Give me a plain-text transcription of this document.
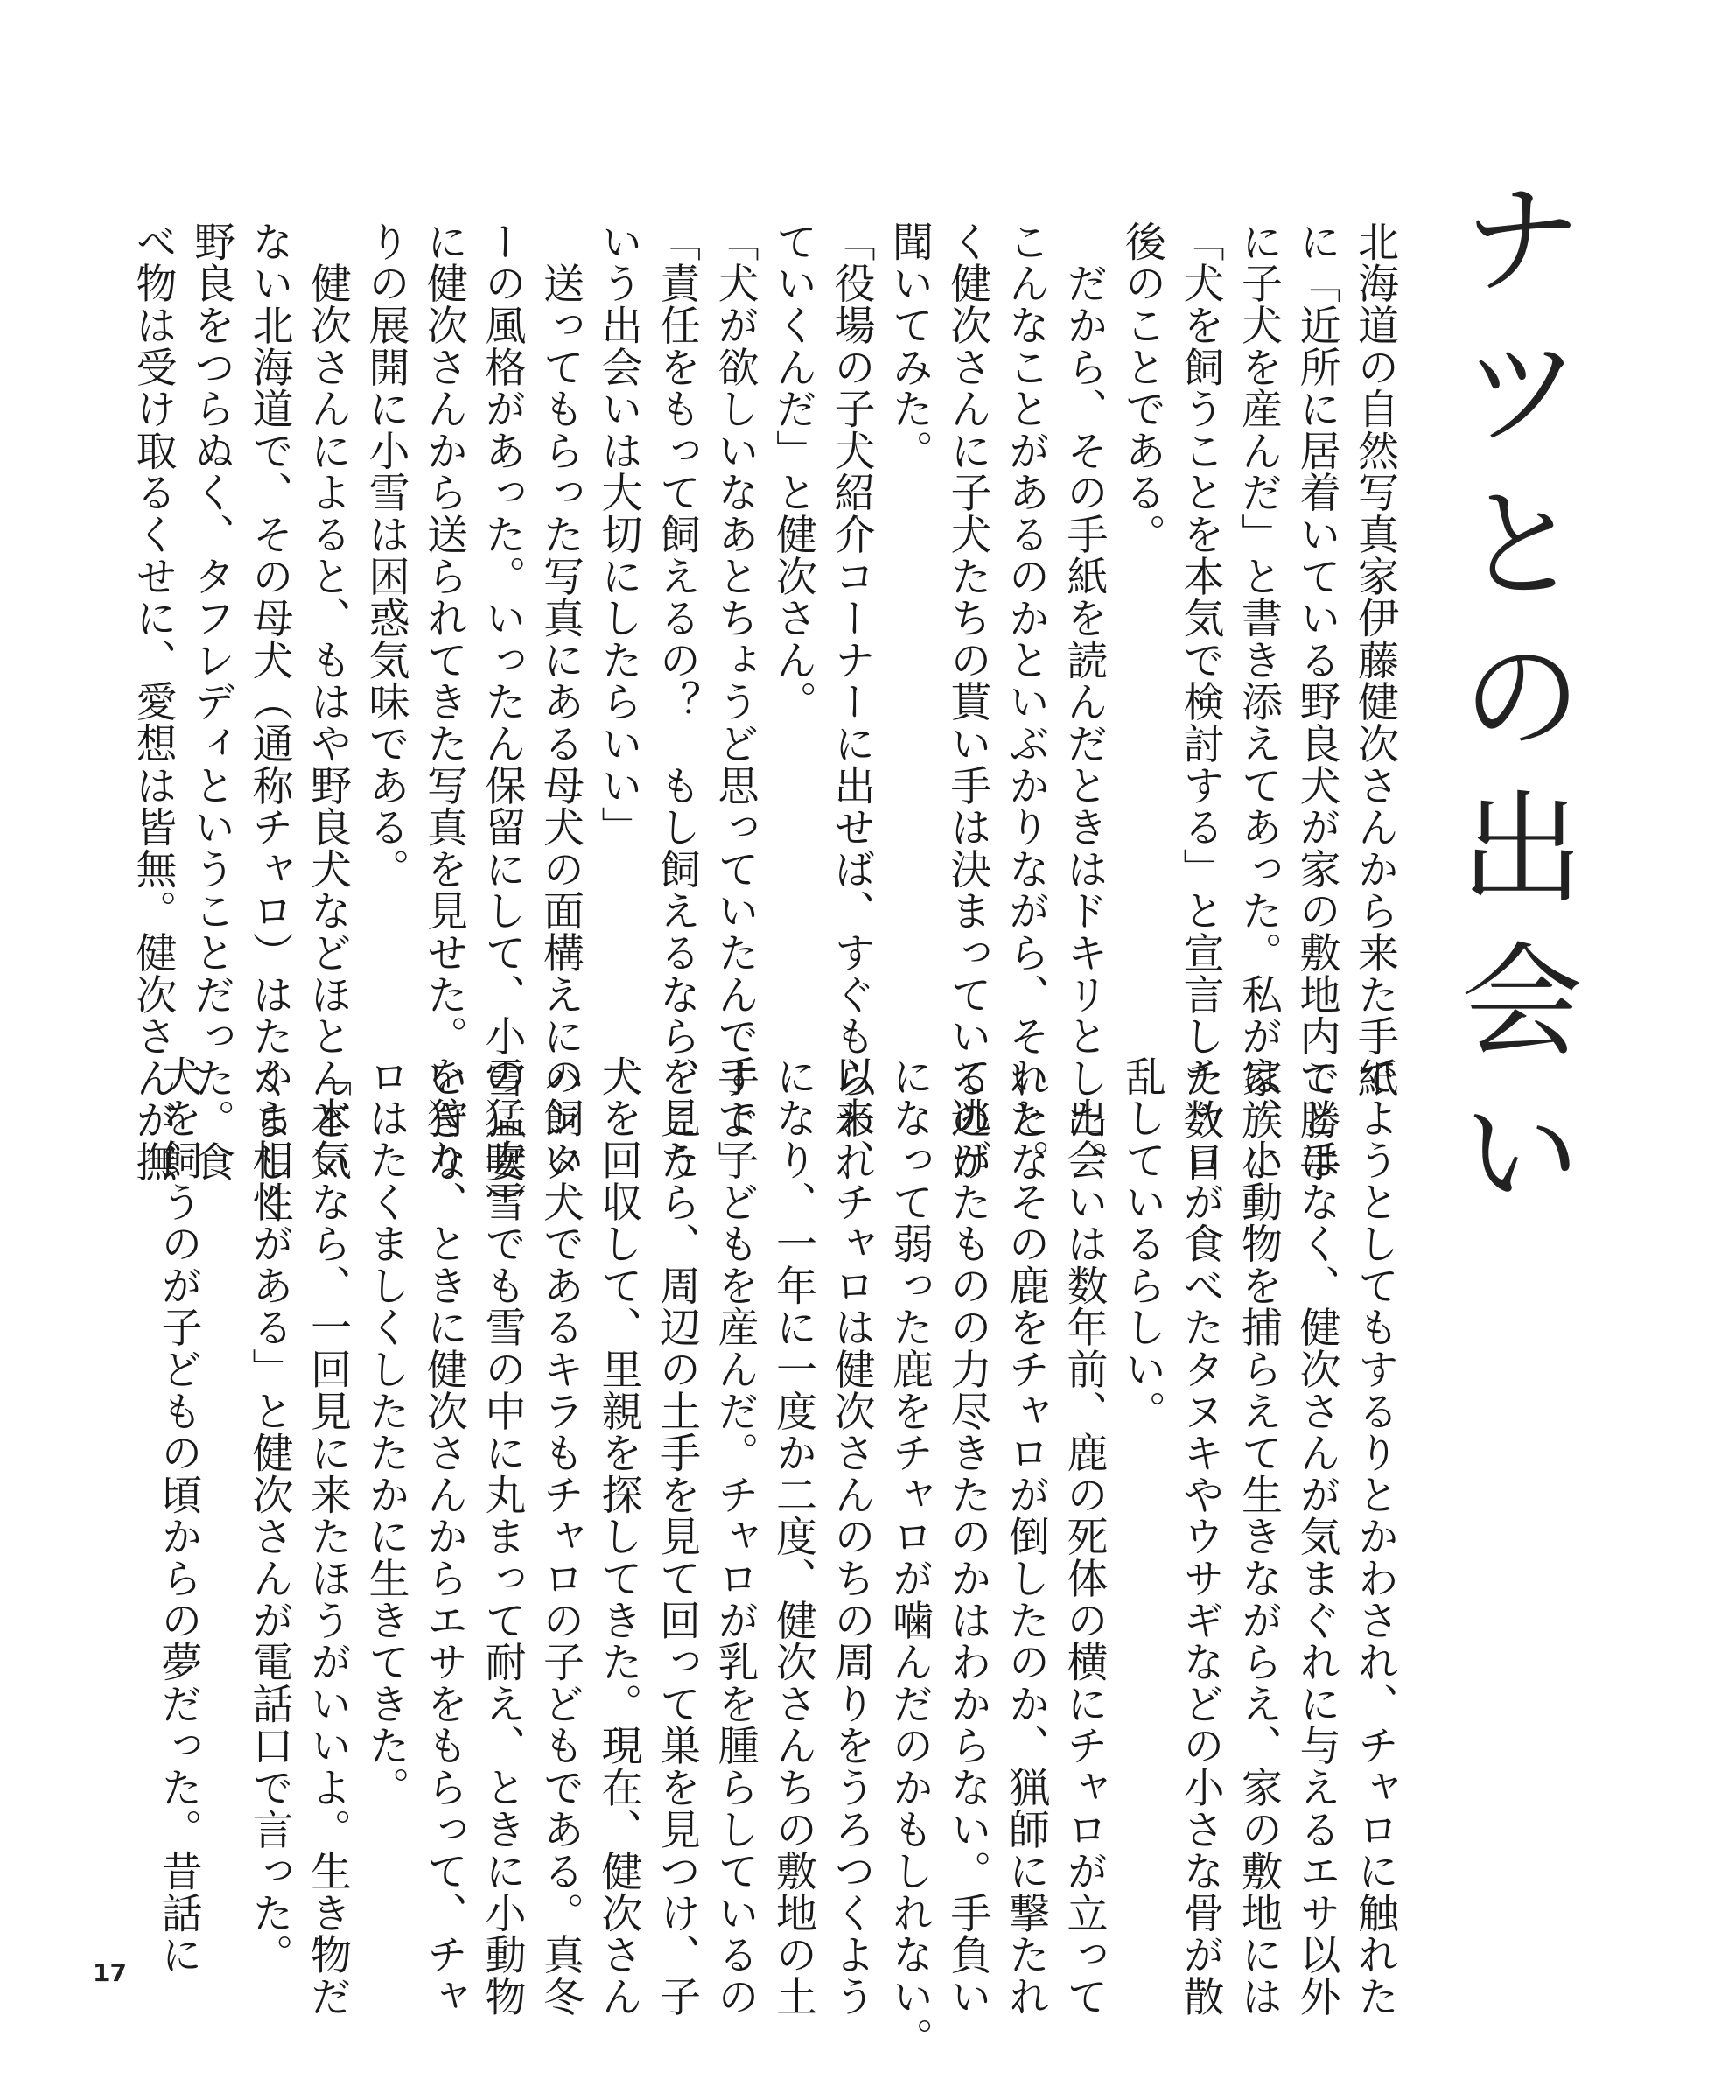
ナツとの出会い
北海道の自然写真家伊藤健次さんから来た手紙
に「近所に居着いている野良犬が家の敷地内で勝手
に子犬を産んだ」と書き添えてあった。私が家族に
「犬を飼うことを本気で検討する」と宣言した数日
後のことである。
　だから、その手紙を読んだときはドキリとした。
こんなことがあるのかといぶかりながら、それとな
く健次さんに子犬たちの貰い手は決まっているのか
聞いてみた。
「役場の子犬紹介コーナーに出せば、すぐもらわれ
ていくんだ」と健次さん。
「犬が欲しいなあとちょうど思っていたんですよ」
「責任をもって飼えるの？　もし飼えるなら、こう
いう出会いは大切にしたらいい」
　送ってもらった写真にある母犬の面構えにハンタ
ーの風格があった。いったん保留にして、小雪（妻）
に健次さんから送られてきた写真を見せた。いきな
りの展開に小雪は困惑気味である。
　健次さんによると、もはや野良犬などほとんどい
ない北海道で、その母犬（通称チャロ）はたくましく
野良をつらぬく、タフレディということだった。食
べ物は受け取るくせに、愛想は皆無。健次さんが撫
でようとしてもするりとかわされ、チャロに触れた
ことはなく、健次さんが気まぐれに与えるエサ以外
は、小動物を捕らえて生きながらえ、家の敷地には
チャロが食べたタヌキやウサギなどの小さな骨が散
乱しているらしい。
　出会いは数年前、鹿の死体の横にチャロが立って
いた。その鹿をチャロが倒したのか、猟師に撃たれ
て逃げたものの力尽きたのかはわからない。手負い
になって弱った鹿をチャロが噛んだのかもしれない。
以来、チャロは健次さんのちの周りをうろつくよう
になり、一年に一度か二度、健次さんちの敷地の土
手で子どもを産んだ。チャロが乳を腫らしているの
を見たら、周辺の土手を見て回って巣を見つけ、子
犬を回収して、里親を探してきた。現在、健次さん
の飼い犬であるキラもチャロの子どもである。真冬
の猛吹雪でも雪の中に丸まって耐え、ときに小動物
を狩り、ときに健次さんからエサをもらって、チャ
ロはたくましくしたたかに生きてきた。
「本気なら、一回見に来たほうがいいよ。生き物だ
から相性がある」と健次さんが電話口で言った。

犬を飼うのが子どもの頃からの夢だった。昔話に
17
